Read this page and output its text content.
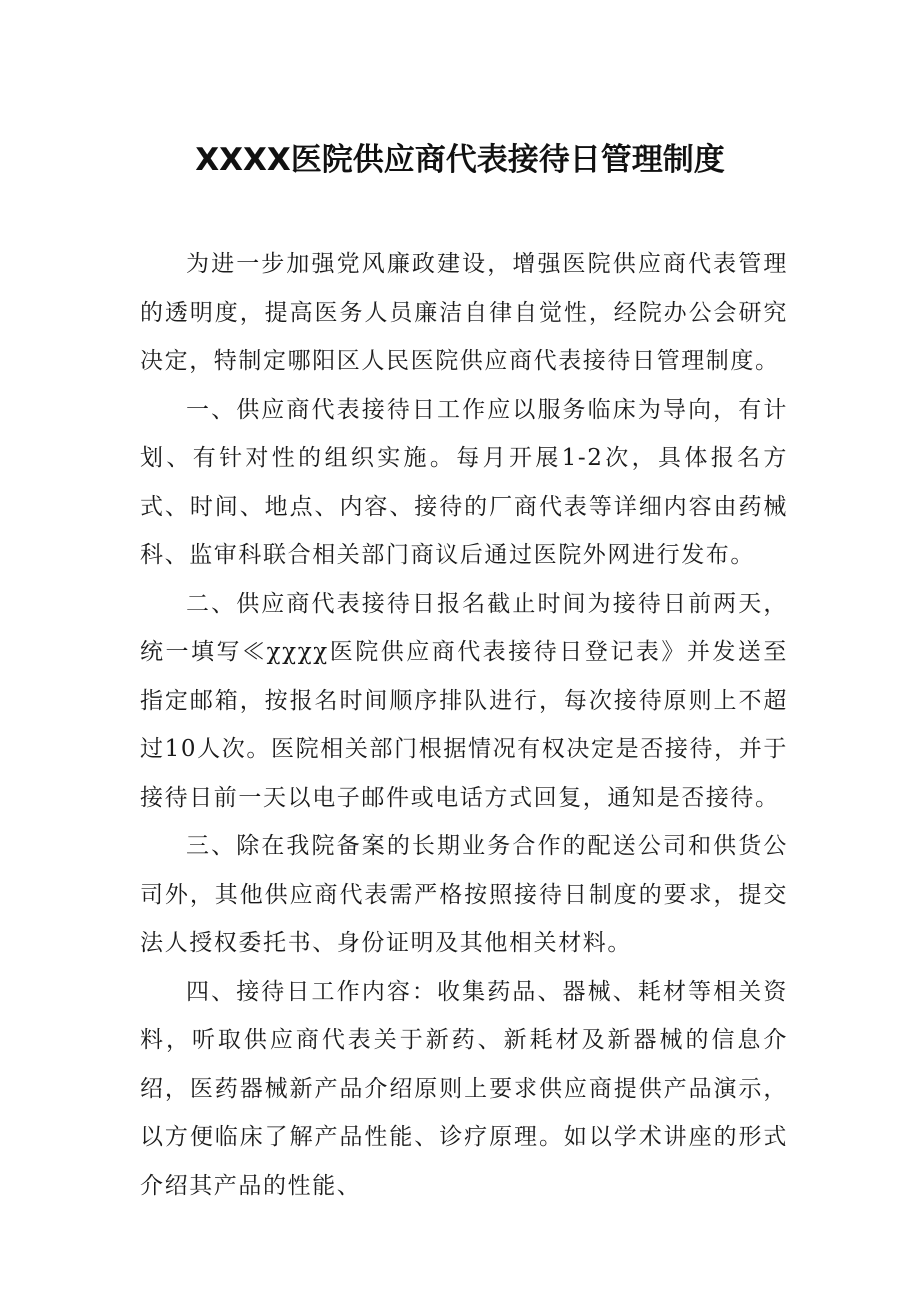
XXXX医院供应商代表接待日管理制度

为进一步加强党风廉政建设，增强医院供应商代表管理的透明度，提高医务人员廉洁自律自觉性，经院办公会研究决定，特制定哪阳区人民医院供应商代表接待日管理制度。

一、供应商代表接待日工作应以服务临床为导向，有计划、有针对性的组织实施。每月开展1-2次，具体报名方式、时间、地点、内容、接待的厂商代表等详细内容由药械科、监审科联合相关部门商议后通过医院外网进行发布。

二、供应商代表接待日报名截止时间为接待日前两天，统一填写≪χχχχ医院供应商代表接待日登记表》并发送至指定邮箱，按报名时间顺序排队进行，每次接待原则上不超过10人次。医院相关部门根据情况有权决定是否接待，并于接待日前一天以电子邮件或电话方式回复，通知是否接待。

三、除在我院备案的长期业务合作的配送公司和供货公司外，其他供应商代表需严格按照接待日制度的要求，提交法人授权委托书、身份证明及其他相关材料。

四、接待日工作内容：收集药品、器械、耗材等相关资料，听取供应商代表关于新药、新耗材及新器械的信息介绍，医药器械新产品介绍原则上要求供应商提供产品演示，以方便临床了解产品性能、诊疗原理。如以学术讲座的形式介绍其产品的性能、
